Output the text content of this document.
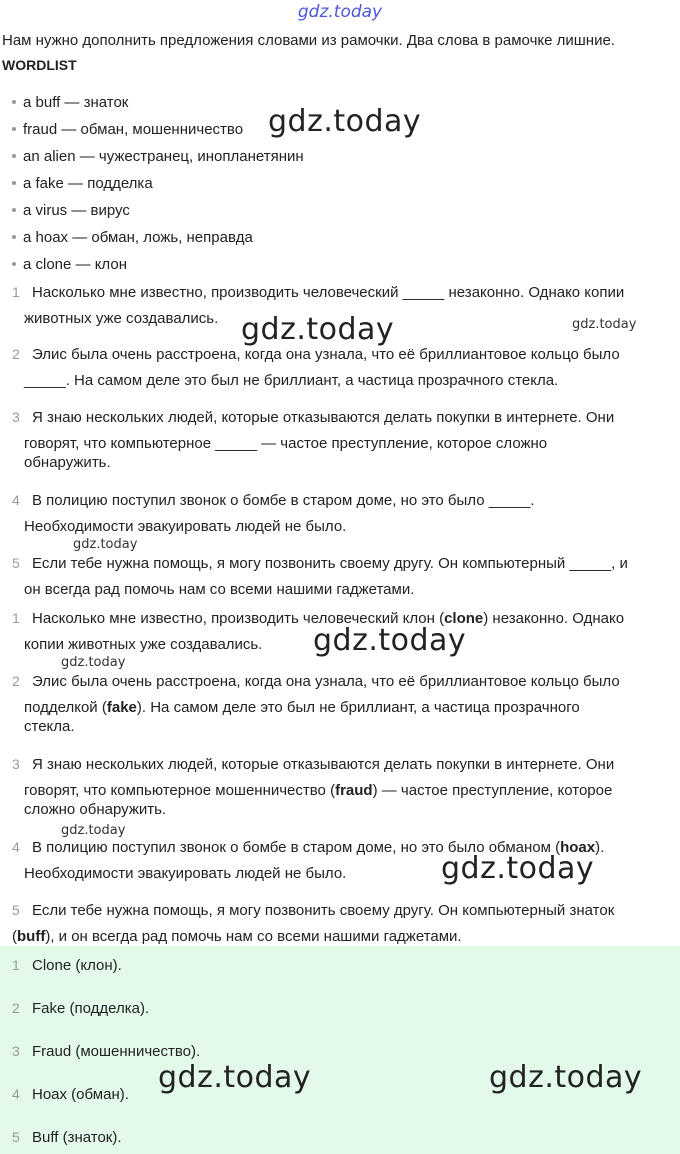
gdz.today
Нам нужно дополнить предложения словами из рамочки. Два слова в рамочке лишние.
WORDLIST
a buff — знаток
fraud — обман, мошенничество
an alien — чужестранец, инопланетянин
a fake — подделка
a virus — вирус
a hoax — обман, ложь, неправда
a clone — клон
1 Насколько мне известно, производить человеческий _____ незаконно. Однако копии
животных уже создавались.
2 Элис была очень расстроена, когда она узнала, что её бриллиантовое кольцо было
_____. На самом деле это был не бриллиант, а частица прозрачного стекла.
3 Я знаю нескольких людей, которые отказываются делать покупки в интернете. Они
говорят, что компьютерное _____ — частое преступление, которое сложно
обнаружить.
4 В полицию поступил звонок о бомбе в старом доме, но это было _____.
Необходимости эвакуировать людей не было.
5 Если тебе нужна помощь, я могу позвонить своему другу. Он компьютерный _____, и
он всегда рад помочь нам со всеми нашими гаджетами.
1 Насколько мне известно, производить человеческий клон (clone) незаконно. Однако
копии животных уже создавались.
2 Элис была очень расстроена, когда она узнала, что её бриллиантовое кольцо было
подделкой (fake). На самом деле это был не бриллиант, а частица прозрачного
стекла.
3 Я знаю нескольких людей, которые отказываются делать покупки в интернете. Они
говорят, что компьютерное мошенничество (fraud) — частое преступление, которое
сложно обнаружить.
4 В полицию поступил звонок о бомбе в старом доме, но это было обманом (hoax).
Необходимости эвакуировать людей не было.
5 Если тебе нужна помощь, я могу позвонить своему другу. Он компьютерный знаток
(buff), и он всегда рад помочь нам со всеми нашими гаджетами.
1 Clone (клон).
2 Fake (подделка).
3 Fraud (мошенничество).
4 Hoax (обман).
5 Buff (знаток).
gdz.today
gdz.today	gdz.today
gdz.today
gdz.today
gdz.today
gdz.today
gdz.today
gdz.today	gdz.today
